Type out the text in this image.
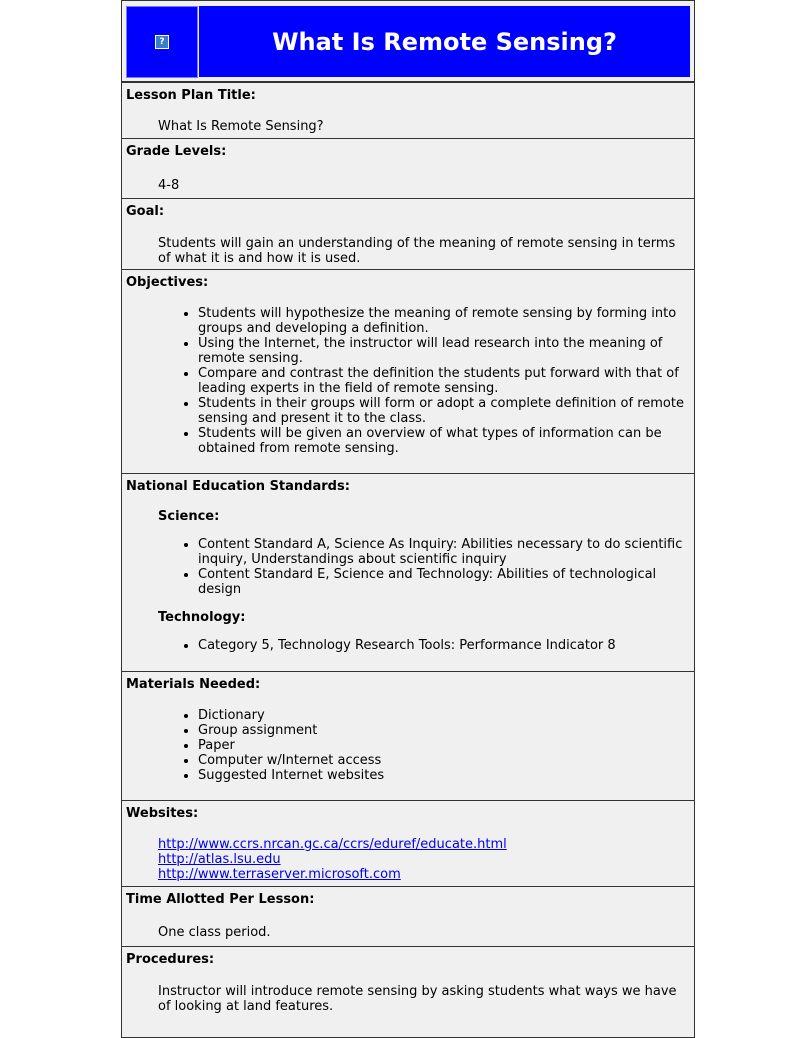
?	What Is Remote Sensing?
Lesson Plan Title:
What Is Remote Sensing?
Grade Levels:
4-8
Goal:
Students will gain an understanding of the meaning of remote sensing in terms of what it is and how it is used.
Objectives:
• Students will hypothesize the meaning of remote sensing by forming into groups and developing a definition.
• Using the Internet, the instructor will lead research into the meaning of remote sensing.
• Compare and contrast the definition the students put forward with that of leading experts in the field of remote sensing.
• Students in their groups will form or adopt a complete definition of remote sensing and present it to the class.
• Students will be given an overview of what types of information can be obtained from remote sensing.
National Education Standards:
Science:
• Content Standard A, Science As Inquiry: Abilities necessary to do scientific inquiry, Understandings about scientific inquiry
• Content Standard E, Science and Technology: Abilities of technological design
Technology:
• Category 5, Technology Research Tools: Performance Indicator 8
Materials Needed:
• Dictionary
• Group assignment
• Paper
• Computer w/Internet access
• Suggested Internet websites
Websites:
http://www.ccrs.nrcan.gc.ca/ccrs/eduref/educate.html
http://atlas.lsu.edu
http://www.terraserver.microsoft.com
Time Allotted Per Lesson:
One class period.
Procedures:
Instructor will introduce remote sensing by asking students what ways we have of looking at land features.
